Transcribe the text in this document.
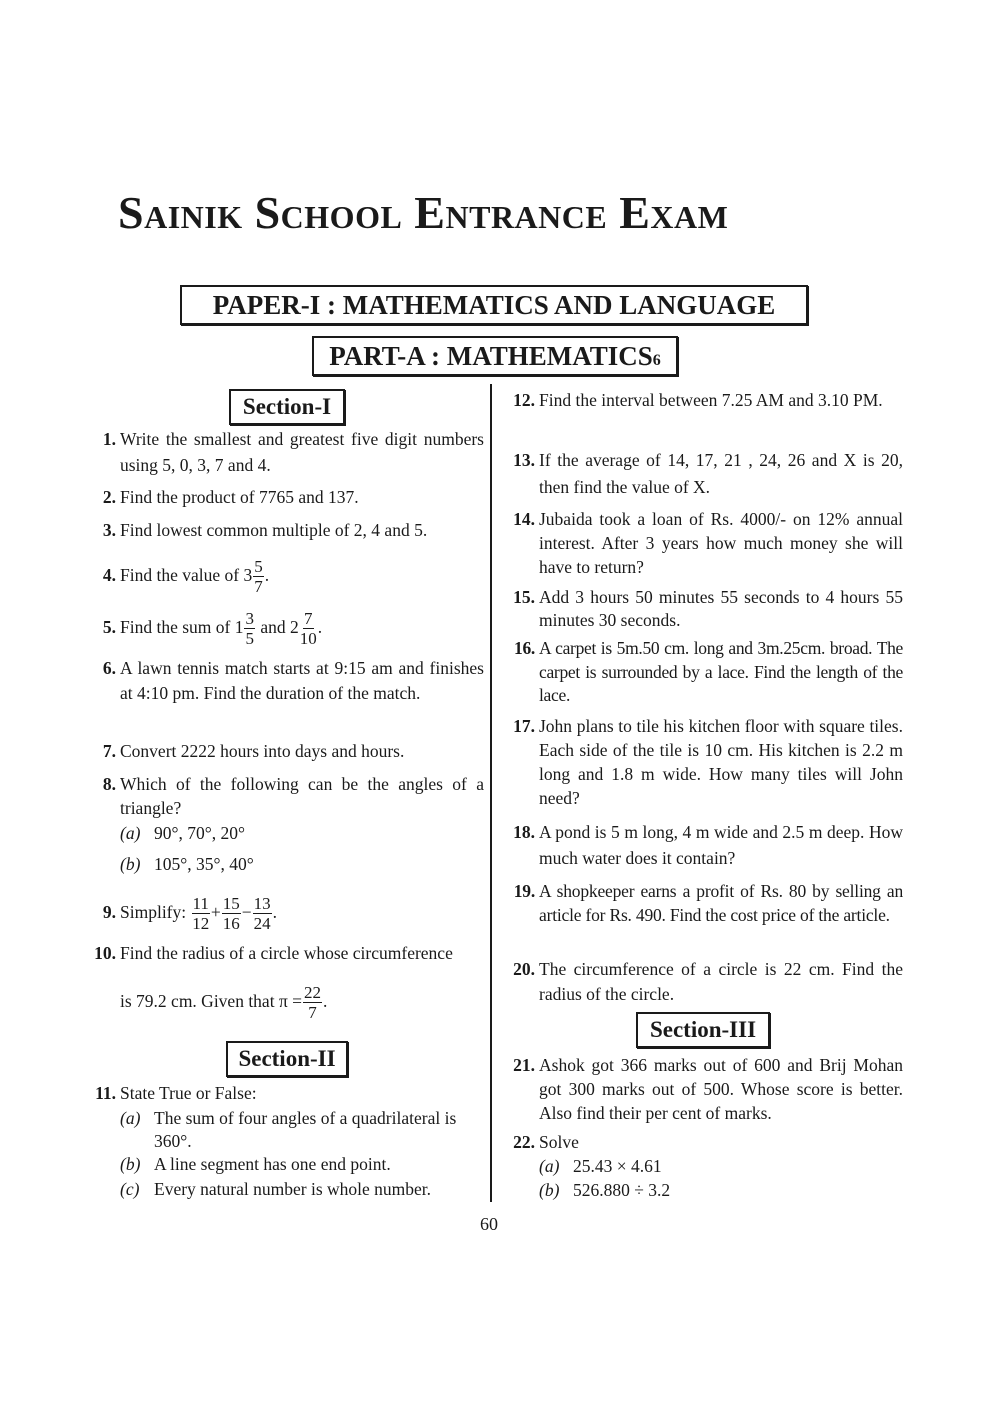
Sainik School Entrance Exam
PAPER-I : MATHEMATICS AND LANGUAGE
PART-A : MATHEMATICS6
Section-I
Section-II
Section-III
1. Write the smallest and greatest five digit numbers using 5, 0, 3, 7 and 4.
2. Find the product of 7765 and 137.
3. Find lowest common multiple of 2, 4 and 5.
4. Find the value of $3 \frac{5}{7}$ .
5. Find the sum of $1 \frac{3}{5}$ and $2 \frac{7}{10}$ .
6. A lawn tennis match starts at 9:15 am and finishes at 4:10 pm. Find the duration of the match.
7. Convert 2222 hours into days and hours.
8. Which of the following can be the angles of a triangle?
(a) 90°, 70°, 20°
(b) 105°, 35°, 40°
9. Simplify: $\frac{11}{12} + \frac{15}{16} - \frac{13}{24}$ .
10. Find the radius of a circle whose circumference
is 79.2 cm. Given that $\pi = \frac{22}{7}$ .
11. State True or False:
(a) The sum of four angles of a quadrilateral is 360°.
(b) A line segment has one end point.
(c) Every natural number is whole number.
12. Find the interval between 7.25 AM and 3.10 PM.
13. If the average of 14, 17, 21 , 24, 26 and X is 20, then find the value of X.
14. Jubaida took a loan of Rs. 4000/- on 12% annual interest. After 3 years how much money she will have to return?
15. Add 3 hours 50 minutes 55 seconds to 4 hours 55 minutes 30 seconds.
16. A carpet is 5m.50 cm. long and 3m.25cm. broad. The carpet is surrounded by a lace. Find the length of the lace.
17. John plans to tile his kitchen floor with square tiles. Each side of the tile is 10 cm. His kitchen is 2.2 m long and 1.8 m wide. How many tiles will John need?
18. A pond is 5 m long, 4 m wide and 2.5 m deep. How much water does it contain?
19. A shopkeeper earns a profit of Rs. 80 by selling an article for Rs. 490. Find the cost price of the article.
20. The circumference of a circle is 22 cm. Find the radius of the circle.
21. Ashok got 366 marks out of 600 and Brij Mohan got 300 marks out of 500. Whose score is better. Also find their per cent of marks.
22. Solve
(a) 25.43 × 4.61
(b) 526.880 ÷ 3.2
60
